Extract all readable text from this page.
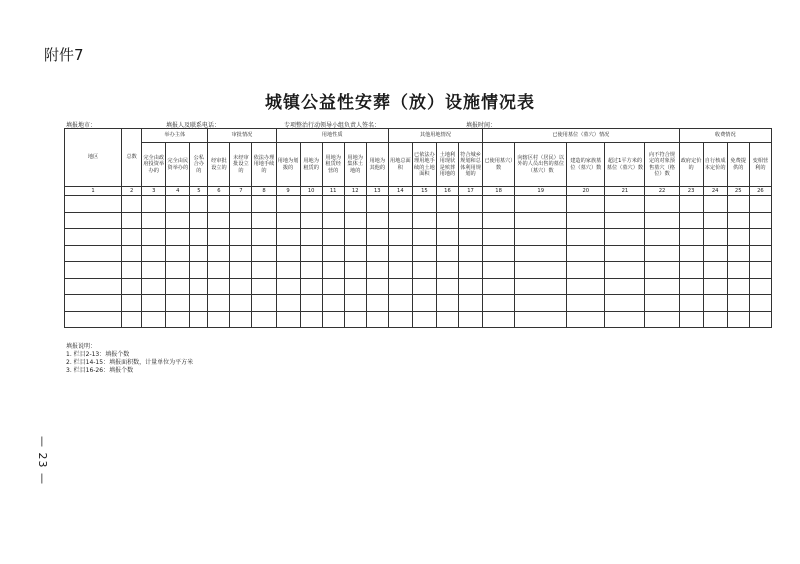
附件7
城镇公益性安葬（放）设施情况表
填报地市：	填报人及联系电话：	专项整治行动领导小组负责人签名：	填报时间：
地区	总数	举办主体			审批情况			用地性质					其他用地情况				已使用墓位（墓穴）情况					收费情况			
		完全由政府投资举办的	完全由民资举办的	公私合办的	经审批设立的	未经审批设立的	依法办理用地手续的	用地为划拨的	用地为租赁的	用地为租赁经营的	用地为集体土地的	用地为其他的	用地总面积	已依法办理用地手续的土地面积	土地利用现状是殡葬用地的	符合城乡规划和总体利用规划的	已使用墓穴）数	向辖区村（居民）以外的人员出售的墓位（墓穴）数	建造的家族墓位（墓穴）数	超过1平方米的墓位（墓穴）数	向不符合规定的对象预售墓穴（格位）数	政府定价的	自行核成本定价的	免费提供的	变相营利的
1	2	3	4	5	6	7	8	9	10	11	12	13	14	15	16	17	18	19	20	21	22	23	24	25	26

填报说明：
1. 栏目2-13：填报个数
2. 栏目14-15：填报面积数，计量单位为平方米
3. 栏目16-26：填报个数
— 23 —
